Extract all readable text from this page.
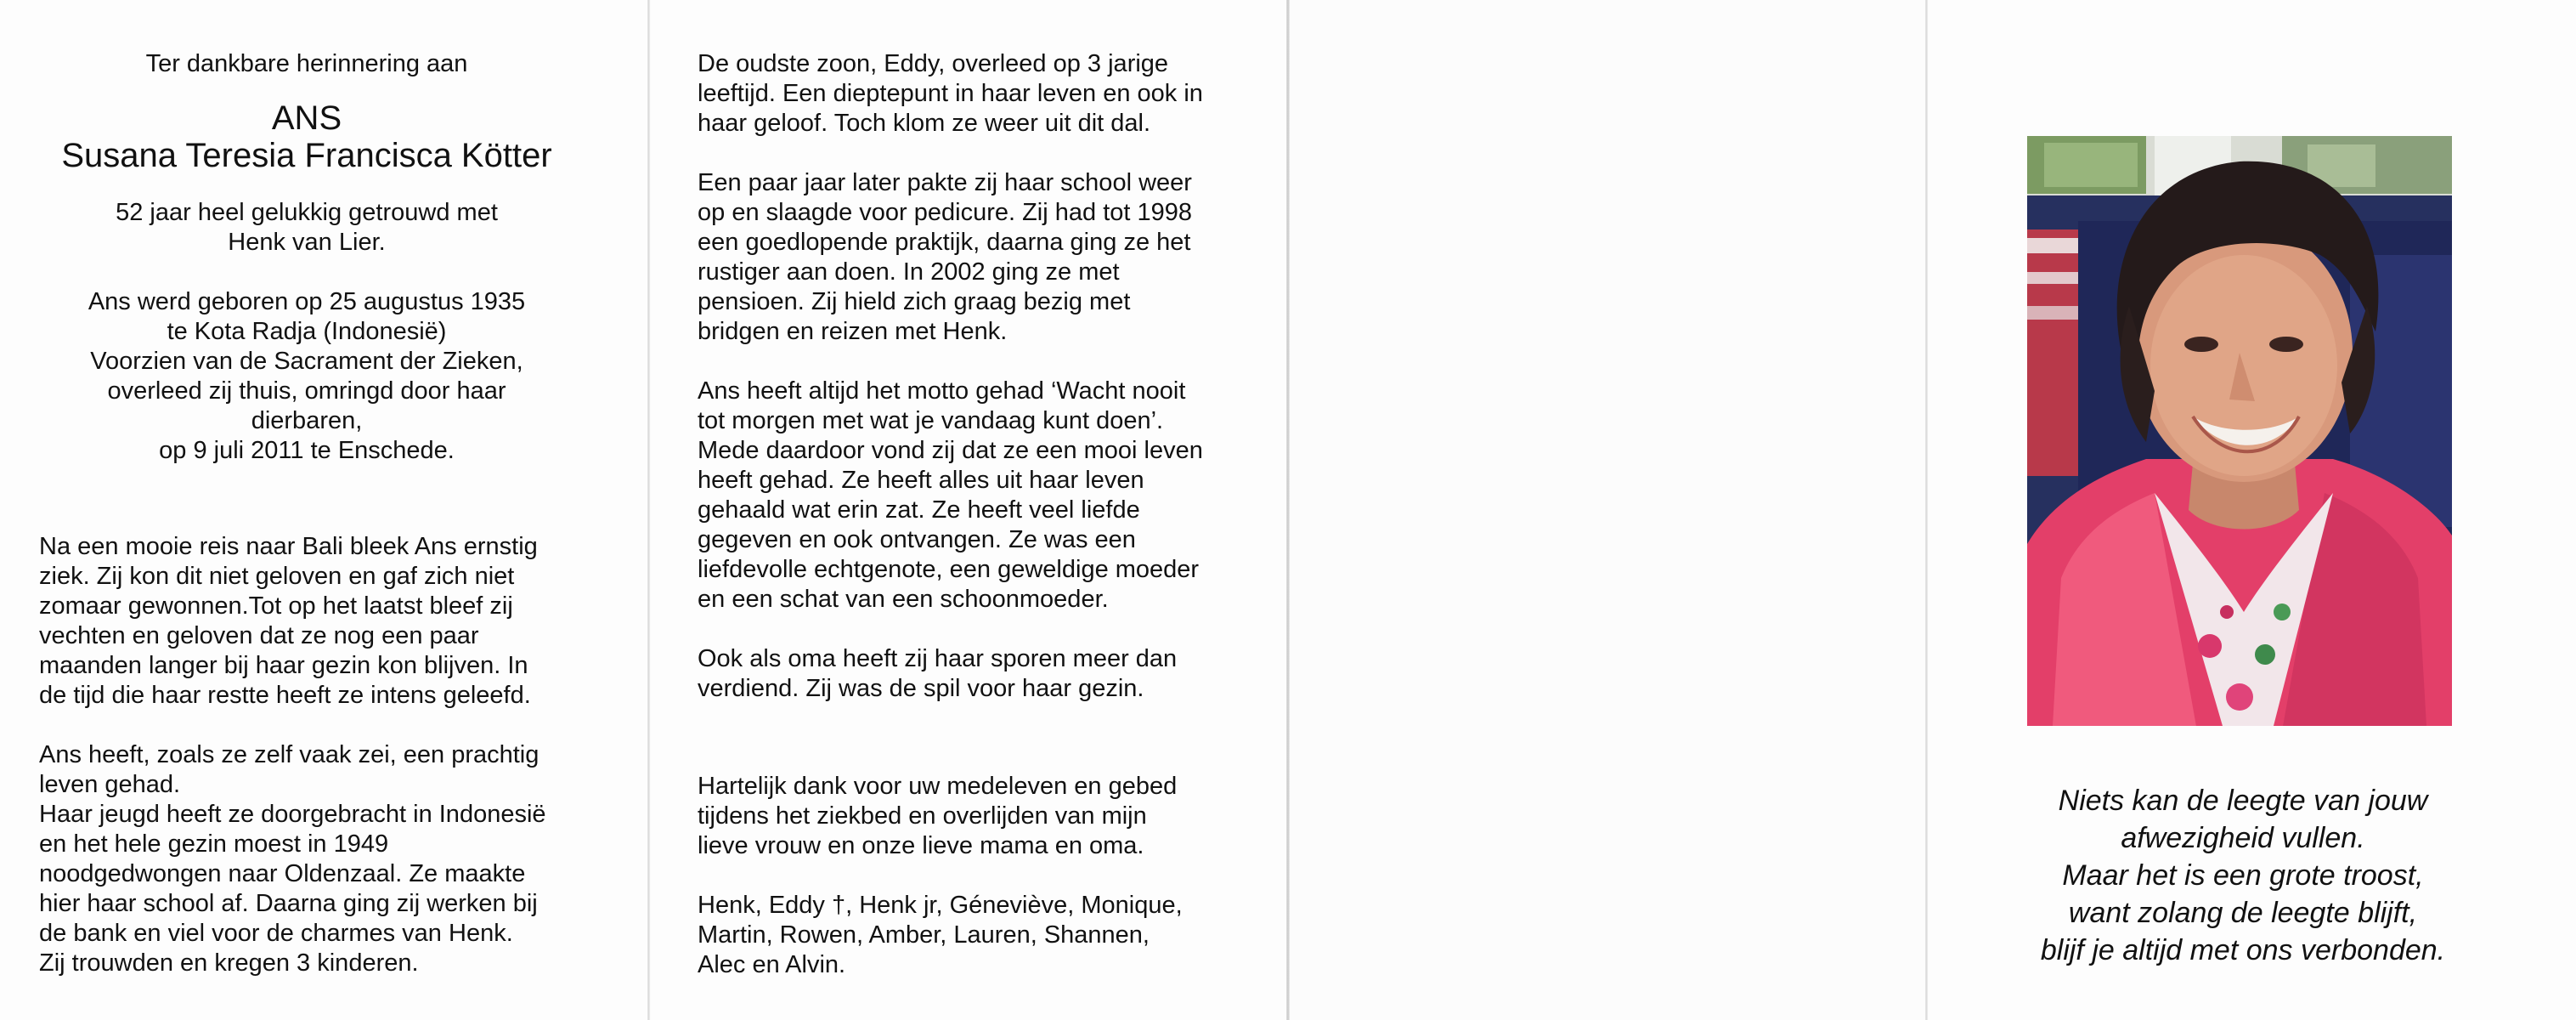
Ter dankbare herinnering aan

ANS

Susana Teresia Francisca Kötter

52 jaar heel gelukkig getrouwd met

Henk van Lier.

Ans werd geboren op 25 augustus 1935

te Kota Radja (Indonesië)

Voorzien van de Sacrament der Zieken,

overleed zij thuis, omringd door haar

dierbaren,

op 9 juli 2011 te Enschede.

Na een mooie reis naar Bali bleek Ans ernstig

ziek. Zij kon dit niet geloven en gaf zich niet

zomaar gewonnen.Tot op het laatst bleef zij

vechten en geloven dat ze nog een paar

maanden langer bij haar gezin kon blijven. In

de tijd die haar restte heeft ze intens geleefd.

Ans heeft, zoals ze zelf vaak zei, een prachtig

leven gehad.

Haar jeugd heeft ze doorgebracht in Indonesië

en het hele gezin moest in 1949

noodgedwongen naar Oldenzaal. Ze maakte

hier haar school af. Daarna ging zij werken bij

de bank en viel voor de charmes van Henk.

Zij trouwden en kregen 3 kinderen.

De oudste zoon, Eddy, overleed op 3 jarige

leeftijd. Een dieptepunt in haar leven en ook in

haar geloof. Toch klom ze weer uit dit dal.

Een paar jaar later pakte zij haar school weer

op en slaagde voor pedicure. Zij had tot 1998

een goedlopende praktijk, daarna ging ze het

rustiger aan doen. In 2002 ging ze met

pensioen. Zij hield zich graag bezig met

bridgen en reizen met Henk.

Ans heeft altijd het motto gehad ‘Wacht nooit

tot morgen met wat je vandaag kunt doen’.

Mede daardoor vond zij dat ze een mooi leven

heeft gehad. Ze heeft alles uit haar leven

gehaald wat erin zat. Ze heeft veel liefde

gegeven en ook ontvangen. Ze was een

liefdevolle echtgenote, een geweldige moeder

en een schat van een schoonmoeder.

Ook als oma heeft zij haar sporen meer dan

verdiend. Zij was de spil voor haar gezin.

Hartelijk dank voor uw medeleven en gebed

tijdens het ziekbed en overlijden van mijn

lieve vrouw en onze lieve mama en oma.

Henk, Eddy †, Henk jr, Géneviève, Monique,

Martin, Rowen, Amber, Lauren, Shannen,

Alec en Alvin.

Niets kan de leegte van jouw

afwezigheid vullen.

Maar het is een grote troost,

want zolang de leegte blijft,

blijf je altijd met ons verbonden.
